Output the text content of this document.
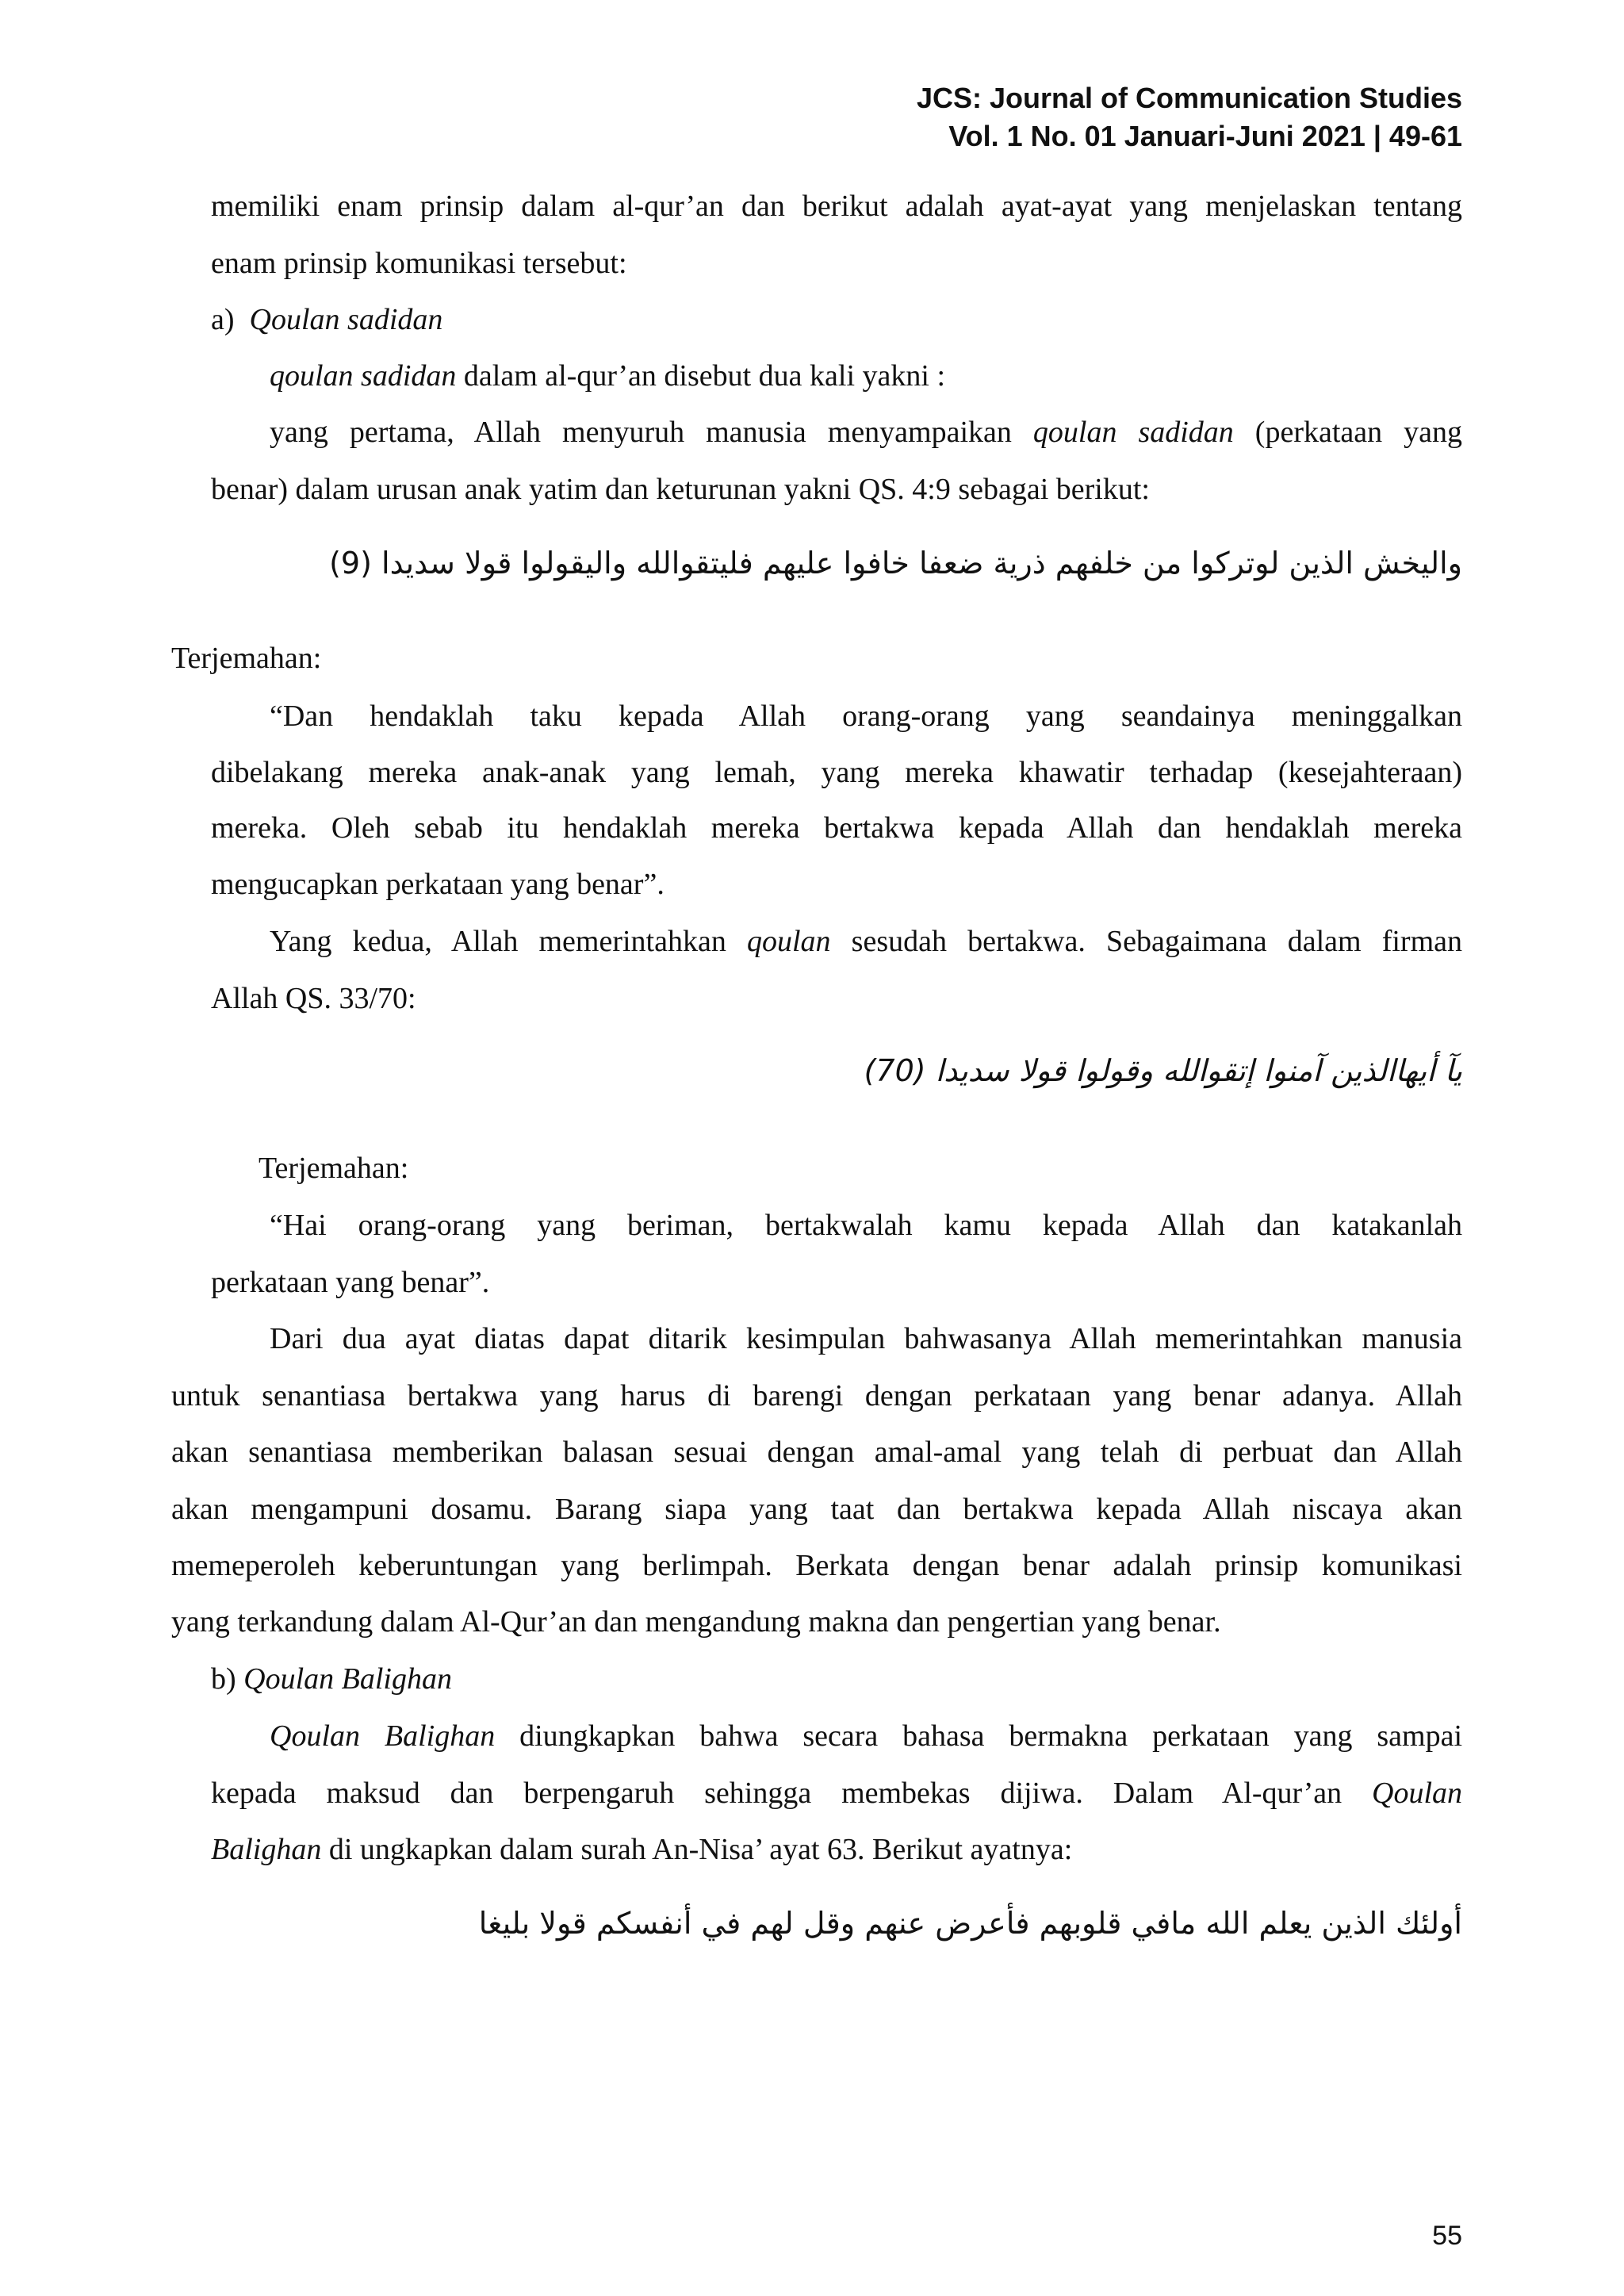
JCS: Journal of Communication Studies
Vol. 1 No. 01 Januari-Juni 2021 | 49-61
memiliki enam prinsip dalam al-qur’an dan berikut adalah ayat-ayat yang menjelaskan tentang
enam prinsip komunikasi tersebut:
a) Qoulan sadidan
qoulan sadidan dalam al-qur’an disebut dua kali yakni :
yang pertama, Allah menyuruh manusia menyampaikan qoulan sadidan (perkataan yang
benar) dalam urusan anak yatim dan keturunan yakni QS. 4:9 sebagai berikut:
واليخش الذين لوتركوا من خلفهم ذرية ضعفا خافوا عليهم فليتقوالله واليقولوا قولا سديدا (9)
Terjemahan:
“Dan hendaklah taku kepada Allah orang-orang yang seandainya meninggalkan
dibelakang mereka anak-anak yang lemah, yang mereka khawatir terhadap (kesejahteraan)
mereka. Oleh sebab itu hendaklah mereka bertakwa kepada Allah dan hendaklah mereka
mengucapkan perkataan yang benar”.
Yang kedua, Allah memerintahkan qoulan sesudah bertakwa. Sebagaimana dalam firman
Allah QS. 33/70:
يآ أيهاالذين آمنوا إتقوالله وقولوا قولا سديدا (70)
Terjemahan:
“Hai orang-orang yang beriman, bertakwalah kamu kepada Allah dan katakanlah
perkataan yang benar”.
Dari dua ayat diatas dapat ditarik kesimpulan bahwasanya Allah memerintahkan manusia
untuk senantiasa bertakwa yang harus di barengi dengan perkataan yang benar adanya. Allah
akan senantiasa memberikan balasan sesuai dengan amal-amal yang telah di perbuat dan Allah
akan mengampuni dosamu. Barang siapa yang taat dan bertakwa kepada Allah niscaya akan
memeperoleh keberuntungan yang berlimpah. Berkata dengan benar adalah prinsip komunikasi
yang terkandung dalam Al-Qur’an dan mengandung makna dan pengertian yang benar.
b) Qoulan Balighan
Qoulan Balighan diungkapkan bahwa secara bahasa bermakna perkataan yang sampai
kepada maksud dan berpengaruh sehingga membekas dijiwa. Dalam Al-qur’an Qoulan
Balighan di ungkapkan dalam surah An-Nisa’ ayat 63. Berikut ayatnya:
أولئك الذين يعلم الله مافي قلوبهم فأعرض عنهم وقل لهم في أنفسكم قولا بليغا
55
